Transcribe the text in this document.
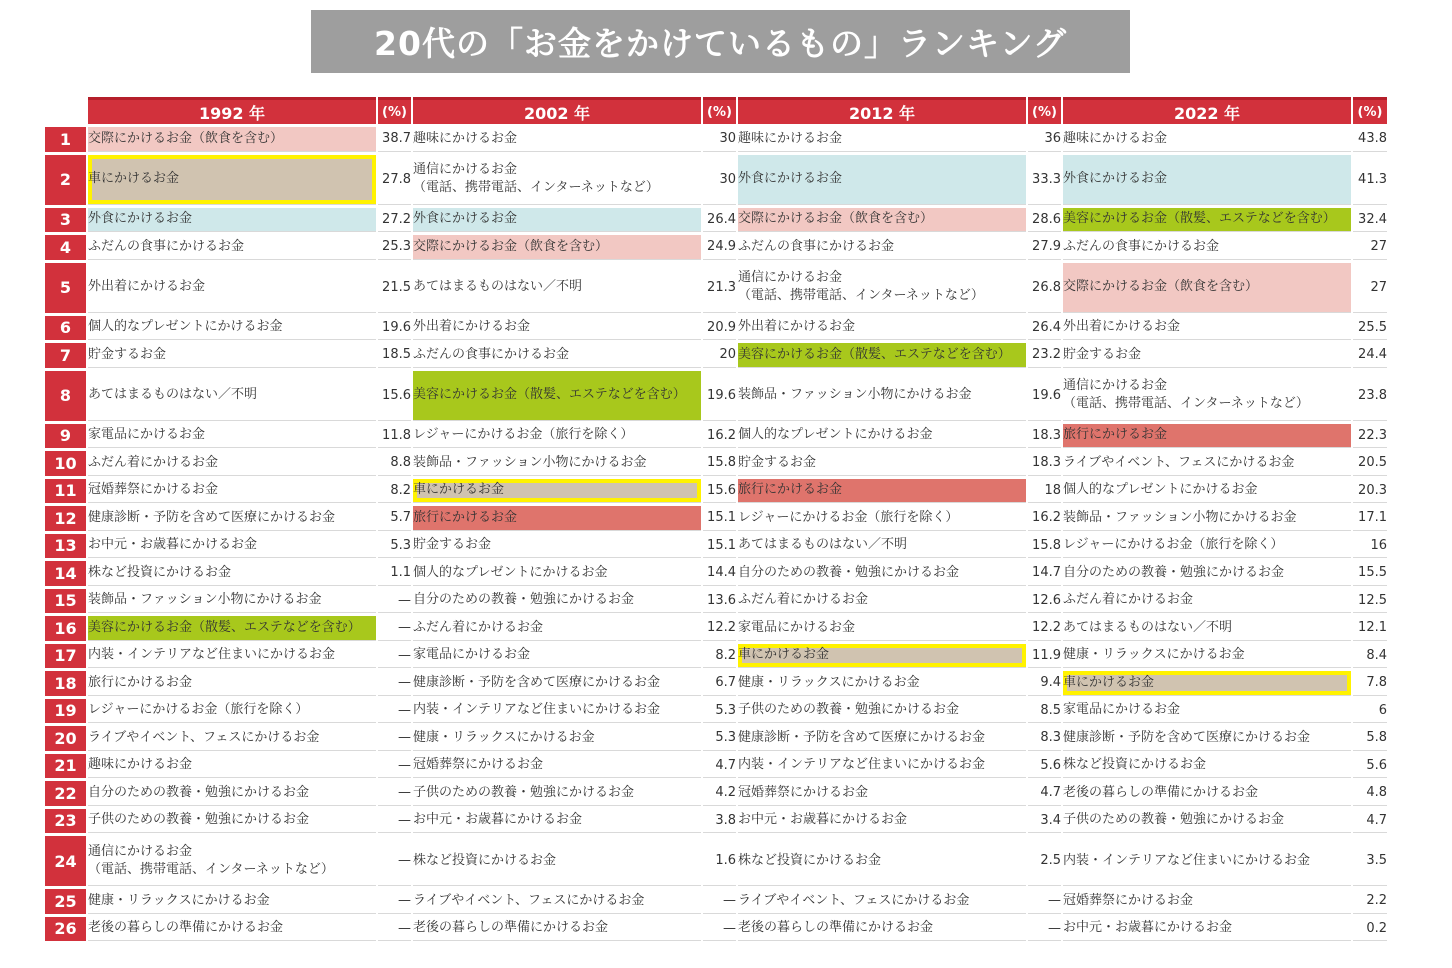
20代の「お金をかけているもの」ランキング
	1992 年	(%)	2002 年	(%)	2012 年	(%)	2022 年	(%)
1	交際にかけるお金（飲食を含む）	38.7	趣味にかけるお金	30	趣味にかけるお金	36	趣味にかけるお金	43.8
2	車にかけるお金	27.8	通信にかけるお金
（電話、携帯電話、インターネットなど）	30	外食にかけるお金	33.3	外食にかけるお金	41.3
3	外食にかけるお金	27.2	外食にかけるお金	26.4	交際にかけるお金（飲食を含む）	28.6	美容にかけるお金（散髪、エステなどを含む）	32.4
4	ふだんの食事にかけるお金	25.3	交際にかけるお金（飲食を含む）	24.9	ふだんの食事にかけるお金	27.9	ふだんの食事にかけるお金	27
5	外出着にかけるお金	21.5	あてはまるものはない／不明	21.3	通信にかけるお金
（電話、携帯電話、インターネットなど）	26.8	交際にかけるお金（飲食を含む）	27
6	個人的なプレゼントにかけるお金	19.6	外出着にかけるお金	20.9	外出着にかけるお金	26.4	外出着にかけるお金	25.5
7	貯金するお金	18.5	ふだんの食事にかけるお金	20	美容にかけるお金（散髪、エステなどを含む）	23.2	貯金するお金	24.4
8	あてはまるものはない／不明	15.6	美容にかけるお金（散髪、エステなどを含む）	19.6	装飾品・ファッション小物にかけるお金	19.6	通信にかけるお金
（電話、携帯電話、インターネットなど）	23.8
9	家電品にかけるお金	11.8	レジャーにかけるお金（旅行を除く）	16.2	個人的なプレゼントにかけるお金	18.3	旅行にかけるお金	22.3
10	ふだん着にかけるお金	8.8	装飾品・ファッション小物にかけるお金	15.8	貯金するお金	18.3	ライブやイベント、フェスにかけるお金	20.5
11	冠婚葬祭にかけるお金	8.2	車にかけるお金	15.6	旅行にかけるお金	18	個人的なプレゼントにかけるお金	20.3
12	健康診断・予防を含めて医療にかけるお金	5.7	旅行にかけるお金	15.1	レジャーにかけるお金（旅行を除く）	16.2	装飾品・ファッション小物にかけるお金	17.1
13	お中元・お歳暮にかけるお金	5.3	貯金するお金	15.1	あてはまるものはない／不明	15.8	レジャーにかけるお金（旅行を除く）	16
14	株など投資にかけるお金	1.1	個人的なプレゼントにかけるお金	14.4	自分のための教養・勉強にかけるお金	14.7	自分のための教養・勉強にかけるお金	15.5
15	装飾品・ファッション小物にかけるお金	—	自分のための教養・勉強にかけるお金	13.6	ふだん着にかけるお金	12.6	ふだん着にかけるお金	12.5
16	美容にかけるお金（散髪、エステなどを含む）	—	ふだん着にかけるお金	12.2	家電品にかけるお金	12.2	あてはまるものはない／不明	12.1
17	内装・インテリアなど住まいにかけるお金	—	家電品にかけるお金	8.2	車にかけるお金	11.9	健康・リラックスにかけるお金	8.4
18	旅行にかけるお金	—	健康診断・予防を含めて医療にかけるお金	6.7	健康・リラックスにかけるお金	9.4	車にかけるお金	7.8
19	レジャーにかけるお金（旅行を除く）	—	内装・インテリアなど住まいにかけるお金	5.3	子供のための教養・勉強にかけるお金	8.5	家電品にかけるお金	6
20	ライブやイベント、フェスにかけるお金	—	健康・リラックスにかけるお金	5.3	健康診断・予防を含めて医療にかけるお金	8.3	健康診断・予防を含めて医療にかけるお金	5.8
21	趣味にかけるお金	—	冠婚葬祭にかけるお金	4.7	内装・インテリアなど住まいにかけるお金	5.6	株など投資にかけるお金	5.6
22	自分のための教養・勉強にかけるお金	—	子供のための教養・勉強にかけるお金	4.2	冠婚葬祭にかけるお金	4.7	老後の暮らしの準備にかけるお金	4.8
23	子供のための教養・勉強にかけるお金	—	お中元・お歳暮にかけるお金	3.8	お中元・お歳暮にかけるお金	3.4	子供のための教養・勉強にかけるお金	4.7
24	通信にかけるお金
（電話、携帯電話、インターネットなど）	—	株など投資にかけるお金	1.6	株など投資にかけるお金	2.5	内装・インテリアなど住まいにかけるお金	3.5
25	健康・リラックスにかけるお金	—	ライブやイベント、フェスにかけるお金	—	ライブやイベント、フェスにかけるお金	—	冠婚葬祭にかけるお金	2.2
26	老後の暮らしの準備にかけるお金	—	老後の暮らしの準備にかけるお金	—	老後の暮らしの準備にかけるお金	—	お中元・お歳暮にかけるお金	0.2
